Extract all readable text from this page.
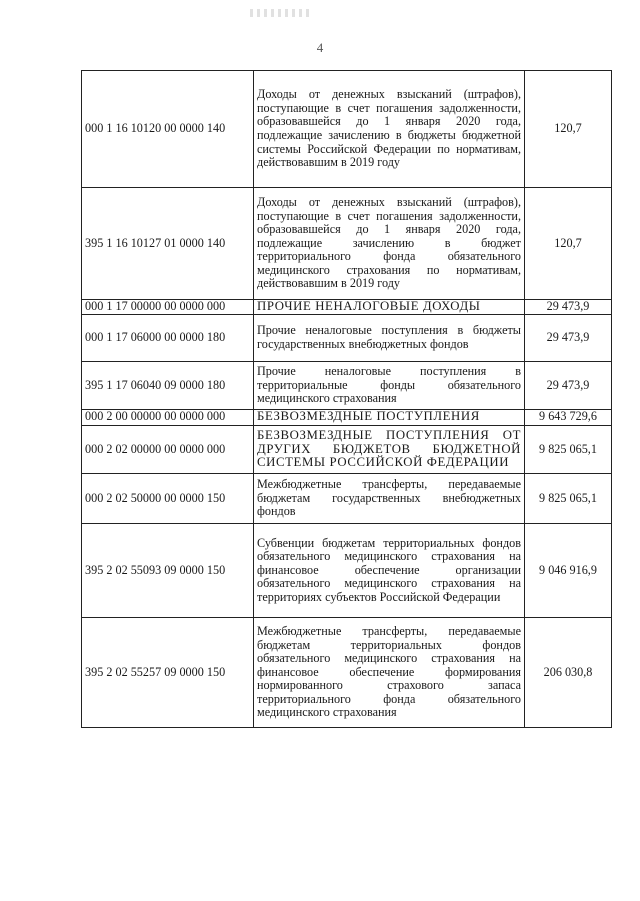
4
000 1 16 10120 00 0000 140	Доходы от денежных взысканий (штрафов), поступающие в счет погашения задолженности, образовавшейся до 1 января 2020 года, подлежащие зачислению в бюджеты бюджетной системы Российской Федерации по нормативам, действовавшим в 2019 году	120,7
395 1 16 10127 01 0000 140	Доходы от денежных взысканий (штрафов), поступающие в счет погашения задолженности, образовавшейся до 1 января 2020 года, подлежащие зачислению в бюджет территориального фонда обязательного медицинского страхования по нормативам, действовавшим в 2019 году	120,7
000 1 17 00000 00 0000 000	ПРОЧИЕ НЕНАЛОГОВЫЕ ДОХОДЫ	29 473,9
000 1 17 06000 00 0000 180	Прочие неналоговые поступления в бюджеты государственных внебюджетных фондов	29 473,9
395 1 17 06040 09 0000 180	Прочие неналоговые поступления в территориальные фонды обязательного медицинского страхования	29 473,9
000 2 00 00000 00 0000 000	БЕЗВОЗМЕЗДНЫЕ ПОСТУПЛЕНИЯ	9 643 729,6
000 2 02 00000 00 0000 000	БЕЗВОЗМЕЗДНЫЕ ПОСТУПЛЕНИЯ ОТ ДРУГИХ БЮДЖЕТОВ БЮДЖЕТНОЙ СИСТЕМЫ РОССИЙСКОЙ ФЕДЕРАЦИИ	9 825 065,1
000 2 02 50000 00 0000 150	Межбюджетные трансферты, передаваемые бюджетам государственных внебюджетных фондов	9 825 065,1
395 2 02 55093 09 0000 150	Субвенции бюджетам территориальных фондов обязательного медицинского страхования на финансовое обеспечение организации обязательного медицинского страхования на территориях субъектов Российской Федерации	9 046 916,9
395 2 02 55257 09 0000 150	Межбюджетные трансферты, передаваемые бюджетам территориальных фондов обязательного медицинского страхования на финансовое обеспечение формирования нормированного страхового запаса территориального фонда обязательного медицинского страхования	206 030,8
